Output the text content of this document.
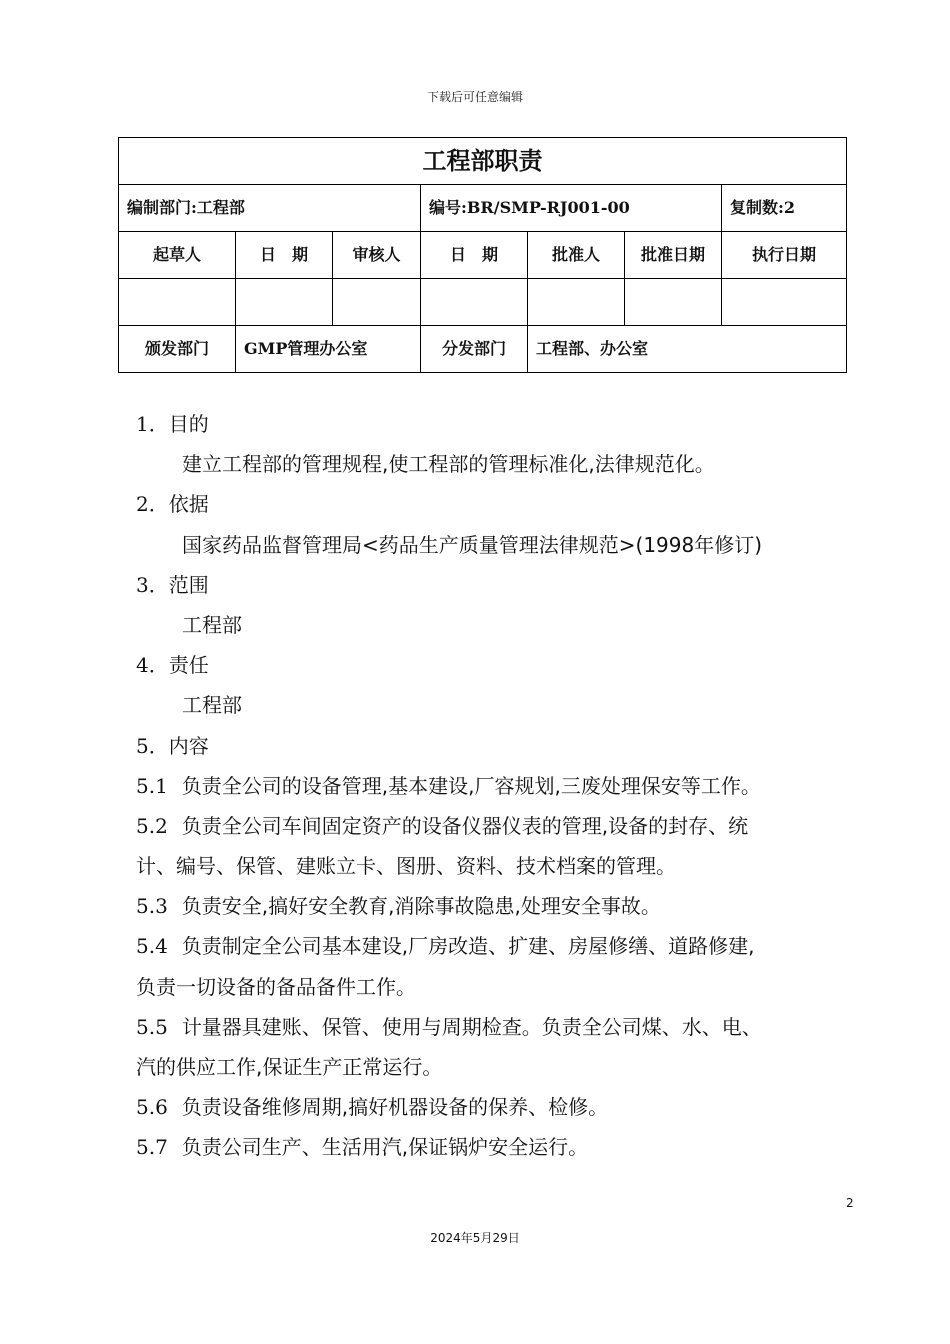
下载后可任意编辑
工程部职责						
编制部门:工程部			编号:BR/SMP-RJ001-00			复制数:2
起草人	日　期	审核人	日　期	批准人	批准日期	执行日期

颁发部门	GMP管理办公室		分发部门	工程部、办公室		
1．目的
建立工程部的管理规程,使工程部的管理标准化,法律规范化。
2．依据
国家药品监督管理局<药品生产质量管理法律规范>(1998年修订)
3．范围
工程部
4．责任
工程部
5．内容
5.1 负责全公司的设备管理,基本建设,厂容规划,三废处理保安等工作。
5.2 负责全公司车间固定资产的设备仪器仪表的管理,设备的封存、统
计、编号、保管、建账立卡、图册、资料、技术档案的管理。
5.3 负责安全,搞好安全教育,消除事故隐患,处理安全事故。
5.4 负责制定全公司基本建设,厂房改造、扩建、房屋修缮、道路修建,
负责一切设备的备品备件工作。
5.5 计量器具建账、保管、使用与周期检查。负责全公司煤、水、电、
汽的供应工作,保证生产正常运行。
5.6 负责设备维修周期,搞好机器设备的保养、检修。
5.7 负责公司生产、生活用汽,保证锅炉安全运行。
2
2024年5月29日
